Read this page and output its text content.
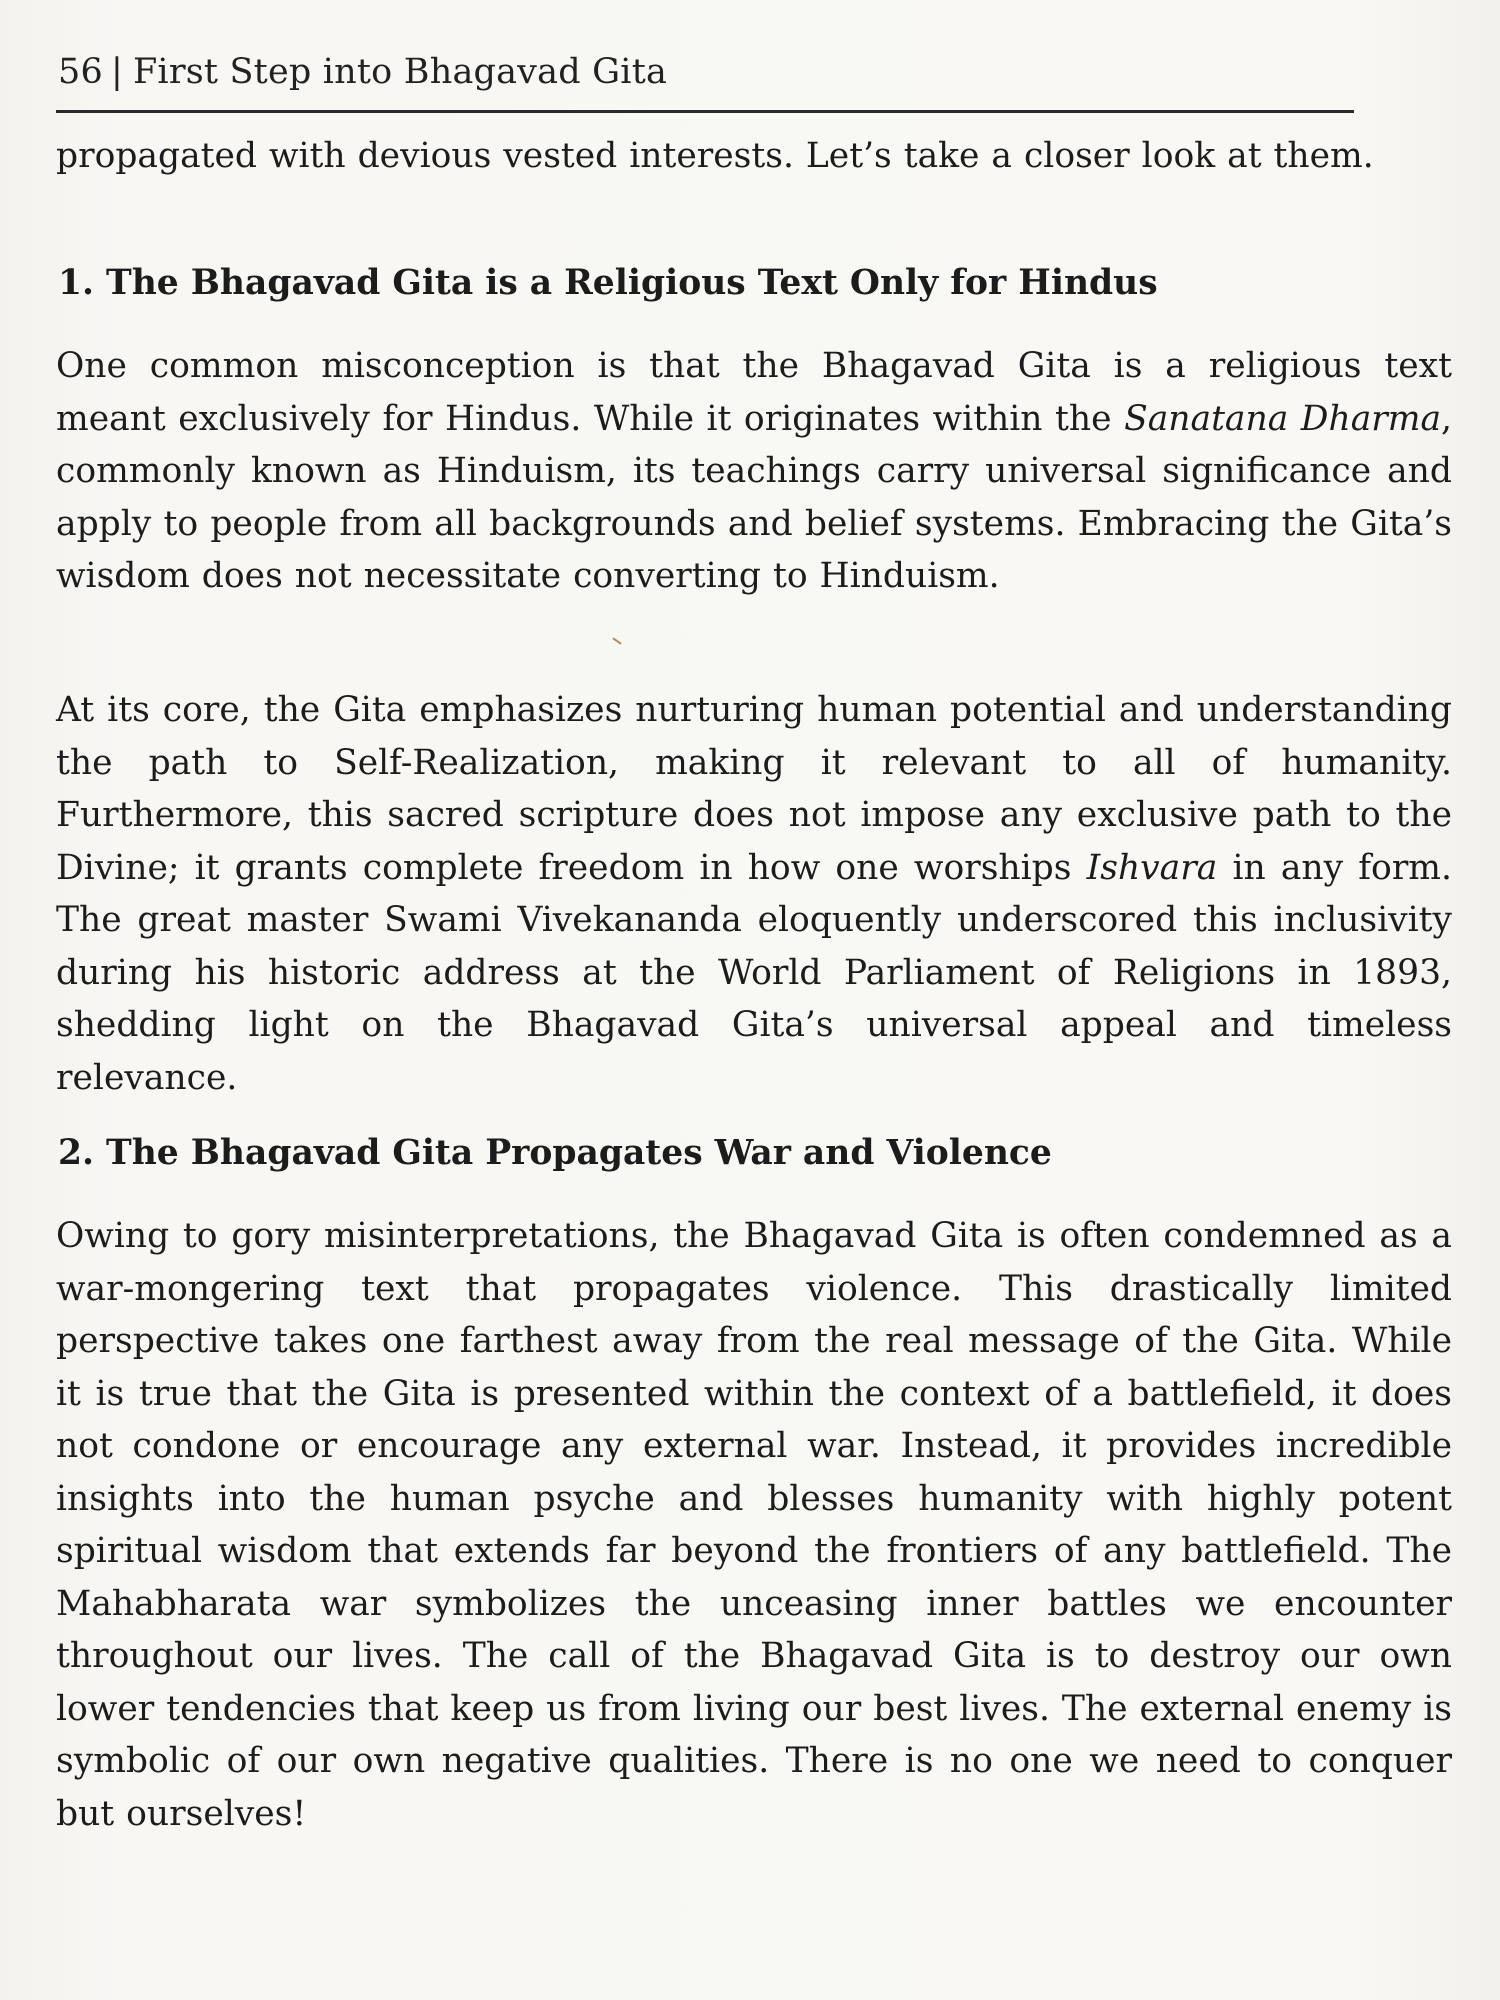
56 | First Step into Bhagavad Gita

propagated with devious vested interests. Let’s take a closer look at them.

1. The Bhagavad Gita is a Religious Text Only for Hindus

One common misconception is that the Bhagavad Gita is a religious text meant exclusively for Hindus. While it originates within the Sanatana Dharma, commonly known as Hinduism, its teachings carry universal significance and apply to people from all backgrounds and belief systems. Embracing the Gita’s wisdom does not necessitate converting to Hinduism.

At its core, the Gita emphasizes nurturing human potential and understanding the path to Self-Realization, making it relevant to all of humanity. Furthermore, this sacred scripture does not impose any exclusive path to the Divine; it grants complete freedom in how one worships Ishvara in any form. The great master Swami Vivekananda eloquently underscored this inclusivity during his historic address at the World Parliament of Religions in 1893, shedding light on the Bhagavad Gita’s universal appeal and timeless relevance.

2. The Bhagavad Gita Propagates War and Violence

Owing to gory misinterpretations, the Bhagavad Gita is often condemned as a war-mongering text that propagates violence. This drastically limited perspective takes one farthest away from the real message of the Gita. While it is true that the Gita is presented within the context of a battlefield, it does not condone or encourage any external war. Instead, it provides incredible insights into the human psyche and blesses humanity with highly potent spiritual wisdom that extends far beyond the frontiers of any battlefield. The Mahabharata war symbolizes the unceasing inner battles we encounter throughout our lives. The call of the Bhagavad Gita is to destroy our own lower tendencies that keep us from living our best lives. The external enemy is symbolic of our own negative qualities. There is no one we need to conquer but ourselves!
